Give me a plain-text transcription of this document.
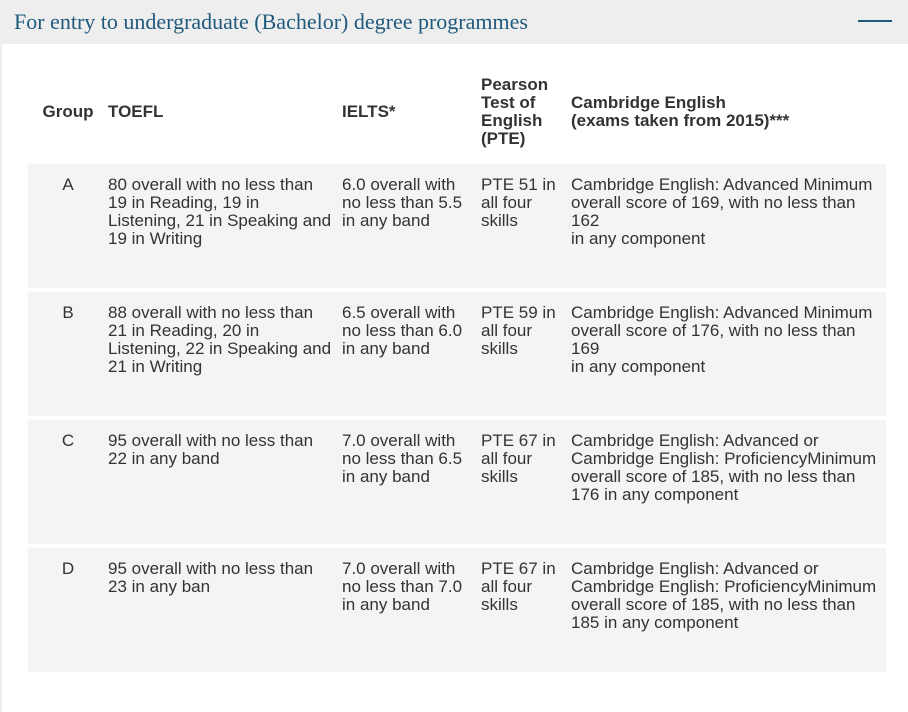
For entry to undergraduate (Bachelor) degree programmes
Group	TOEFL	IELTS*	Pearson Test of English (PTE)	Cambridge English
(exams taken from 2015)***

A	80 overall with no less than 19 in Reading, 19 in Listening, 21 in Speaking and 19 in Writing	6.0 overall with no less than 5.5 in any band	PTE 51 in all four skills	Cambridge English: Advanced Minimum
overall score of 169, with no less than 162
in any component

B	88 overall with no less than 21 in Reading, 20 in Listening, 22 in Speaking and 21 in Writing	6.5 overall with no less than 6.0 in any band	PTE 59 in all four skills	Cambridge English: Advanced Minimum
overall score of 176, with no less than 169
in any component

C	95 overall with no less than 22 in any band	7.0 overall with no less than 6.5 in any band	PTE 67 in all four skills	Cambridge English: Advanced or Cambridge English: ProficiencyMinimum overall score of 185, with no less than 176 in any component

D	95 overall with no less than 23 in any ban	7.0 overall with no less than 7.0 in any band	PTE 67 in all four skills	Cambridge English: Advanced or Cambridge English: ProficiencyMinimum overall score of 185, with no less than 185 in any component
